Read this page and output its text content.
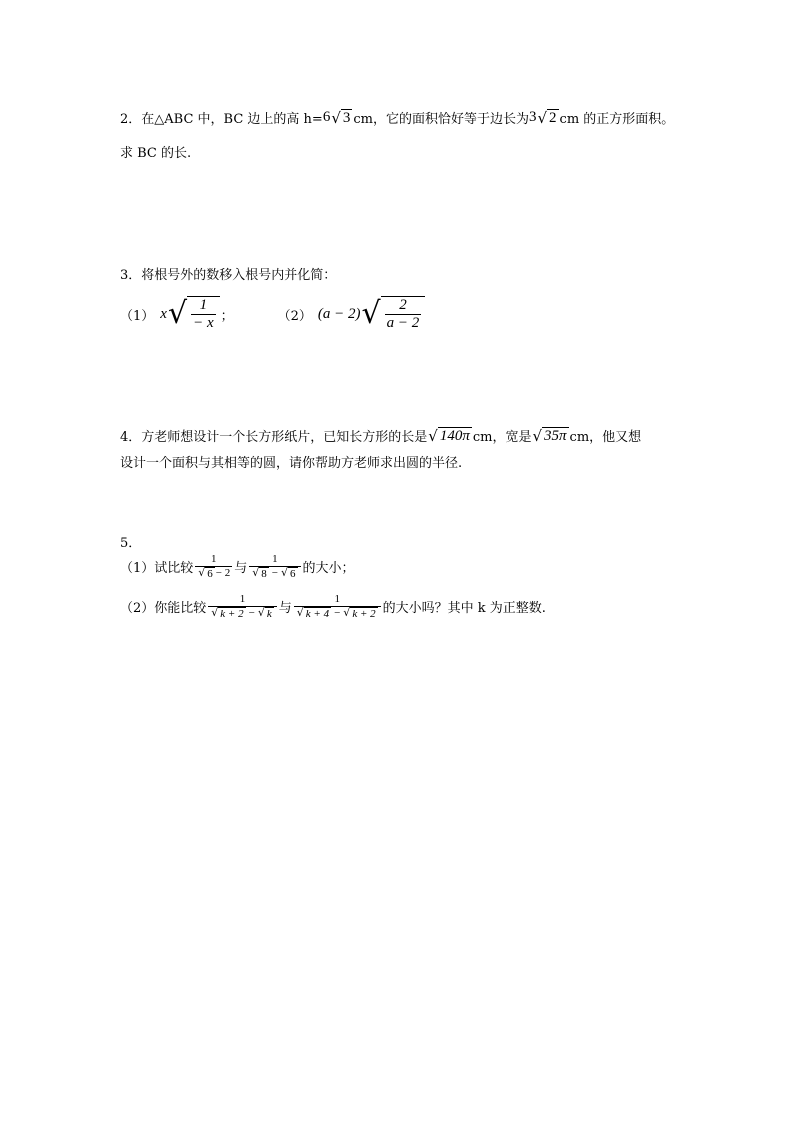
2．在△ABC 中，BC 边上的高 h= 6 √ 3 cm，它的面积恰好等于边长为 3 √ 2 cm 的正方形面积。
求 BC 的长.
3．将根号外的数移入根号内并化简：
（1） x √ $\frac{1}{- x}$ ；	（2） (a − 2) √ $\frac{2}{a - 2}$
4．方老师想设计一个长方形纸片，已知长方形的长是 √ 140π cm，宽是 √ 35π cm，他又想
设计一个面积与其相等的圆，请你帮助方老师求出圆的半径.
5．
（1）试比较 $\frac{1}{√ 6 - 2}$ 与 $\frac{1}{√ 8 - √ 6}$ 的大小；
（2）你能比较 $\frac{1}{√ k + 2 - √ k}$ 与 $\frac{1}{√ k + 4 - √ k + 2}$ 的大小吗？其中 k 为正整数.
